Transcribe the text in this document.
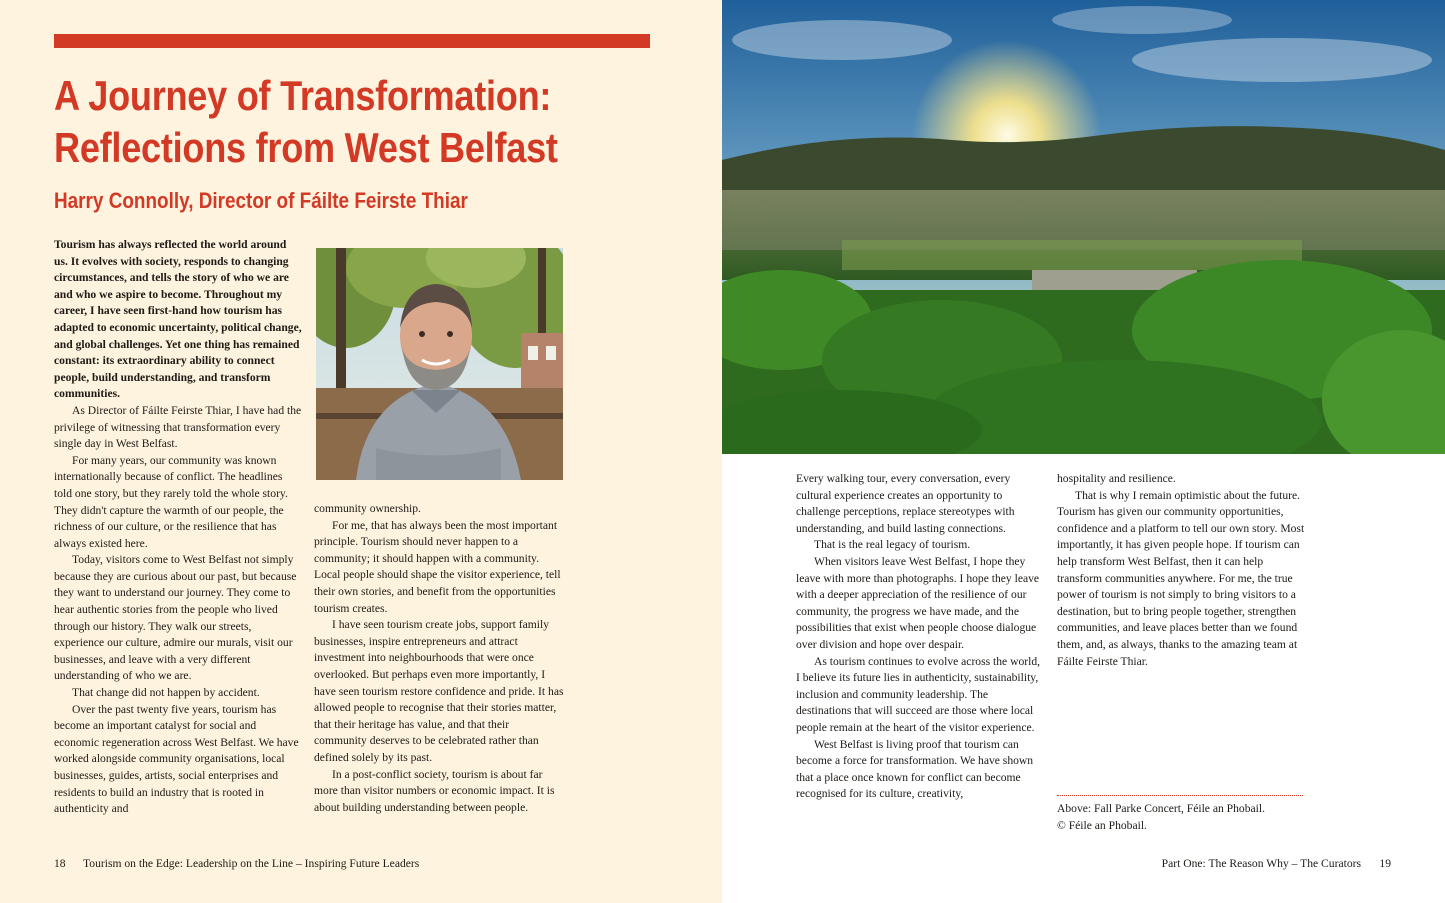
A Journey of Transformation:
Reflections from West Belfast
Harry Connolly, Director of Fáilte Feirste Thiar

Tourism has always reflected the world around us. It evolves with society, responds to changing circumstances, and tells the story of who we are and who we aspire to become. Throughout my career, I have seen first-hand how tourism has adapted to economic uncertainty, political change, and global challenges. Yet one thing has remained constant: its extraordinary ability to connect people, build understanding, and transform communities.

As Director of Fáilte Feirste Thiar, I have had the privilege of witnessing that transformation every single day in West Belfast.

For many years, our community was known internationally because of conflict. The headlines told one story, but they rarely told the whole story. They didn't capture the warmth of our people, the richness of our culture, or the resilience that has always existed here.

Today, visitors come to West Belfast not simply because they are curious about our past, but because they want to understand our journey. They come to hear authentic stories from the people who lived through our history. They walk our streets, experience our culture, admire our murals, visit our businesses, and leave with a very different understanding of who we are.

That change did not happen by accident.

Over the past twenty five years, tourism has become an important catalyst for social and economic regeneration across West Belfast. We have worked alongside community organisations, local businesses, guides, artists, social enterprises and residents to build an industry that is rooted in authenticity and

community ownership.

For me, that has always been the most important principle. Tourism should never happen to a community; it should happen with a community. Local people should shape the visitor experience, tell their own stories, and benefit from the opportunities tourism creates.

I have seen tourism create jobs, support family businesses, inspire entrepreneurs and attract investment into neighbourhoods that were once overlooked. But perhaps even more importantly, I have seen tourism restore confidence and pride. It has allowed people to recognise that their stories matter, that their heritage has value, and that their community deserves to be celebrated rather than defined solely by its past.

In a post-conflict society, tourism is about far more than visitor numbers or economic impact. It is about building understanding between people.

18 Tourism on the Edge: Leadership on the Line – Inspiring Future Leaders

Every walking tour, every conversation, every cultural experience creates an opportunity to challenge perceptions, replace stereotypes with understanding, and build lasting connections.

That is the real legacy of tourism.

When visitors leave West Belfast, I hope they leave with more than photographs. I hope they leave with a deeper appreciation of the resilience of our community, the progress we have made, and the possibilities that exist when people choose dialogue over division and hope over despair.

As tourism continues to evolve across the world, I believe its future lies in authenticity, sustainability, inclusion and community leadership. The destinations that will succeed are those where local people remain at the heart of the visitor experience.

West Belfast is living proof that tourism can become a force for transformation. We have shown that a place once known for conflict can become recognised for its culture, creativity,

hospitality and resilience.

That is why I remain optimistic about the future. Tourism has given our community opportunities, confidence and a platform to tell our own story. Most importantly, it has given people hope. If tourism can help transform West Belfast, then it can help transform communities anywhere. For me, the true power of tourism is not simply to bring visitors to a destination, but to bring people together, strengthen communities, and leave places better than we found them, and, as always, thanks to the amazing team at Fáilte Feirste Thiar.

Above: Fall Parke Concert, Féile an Phobail.
© Féile an Phobail.
Part One: The Reason Why – The Curators 19
